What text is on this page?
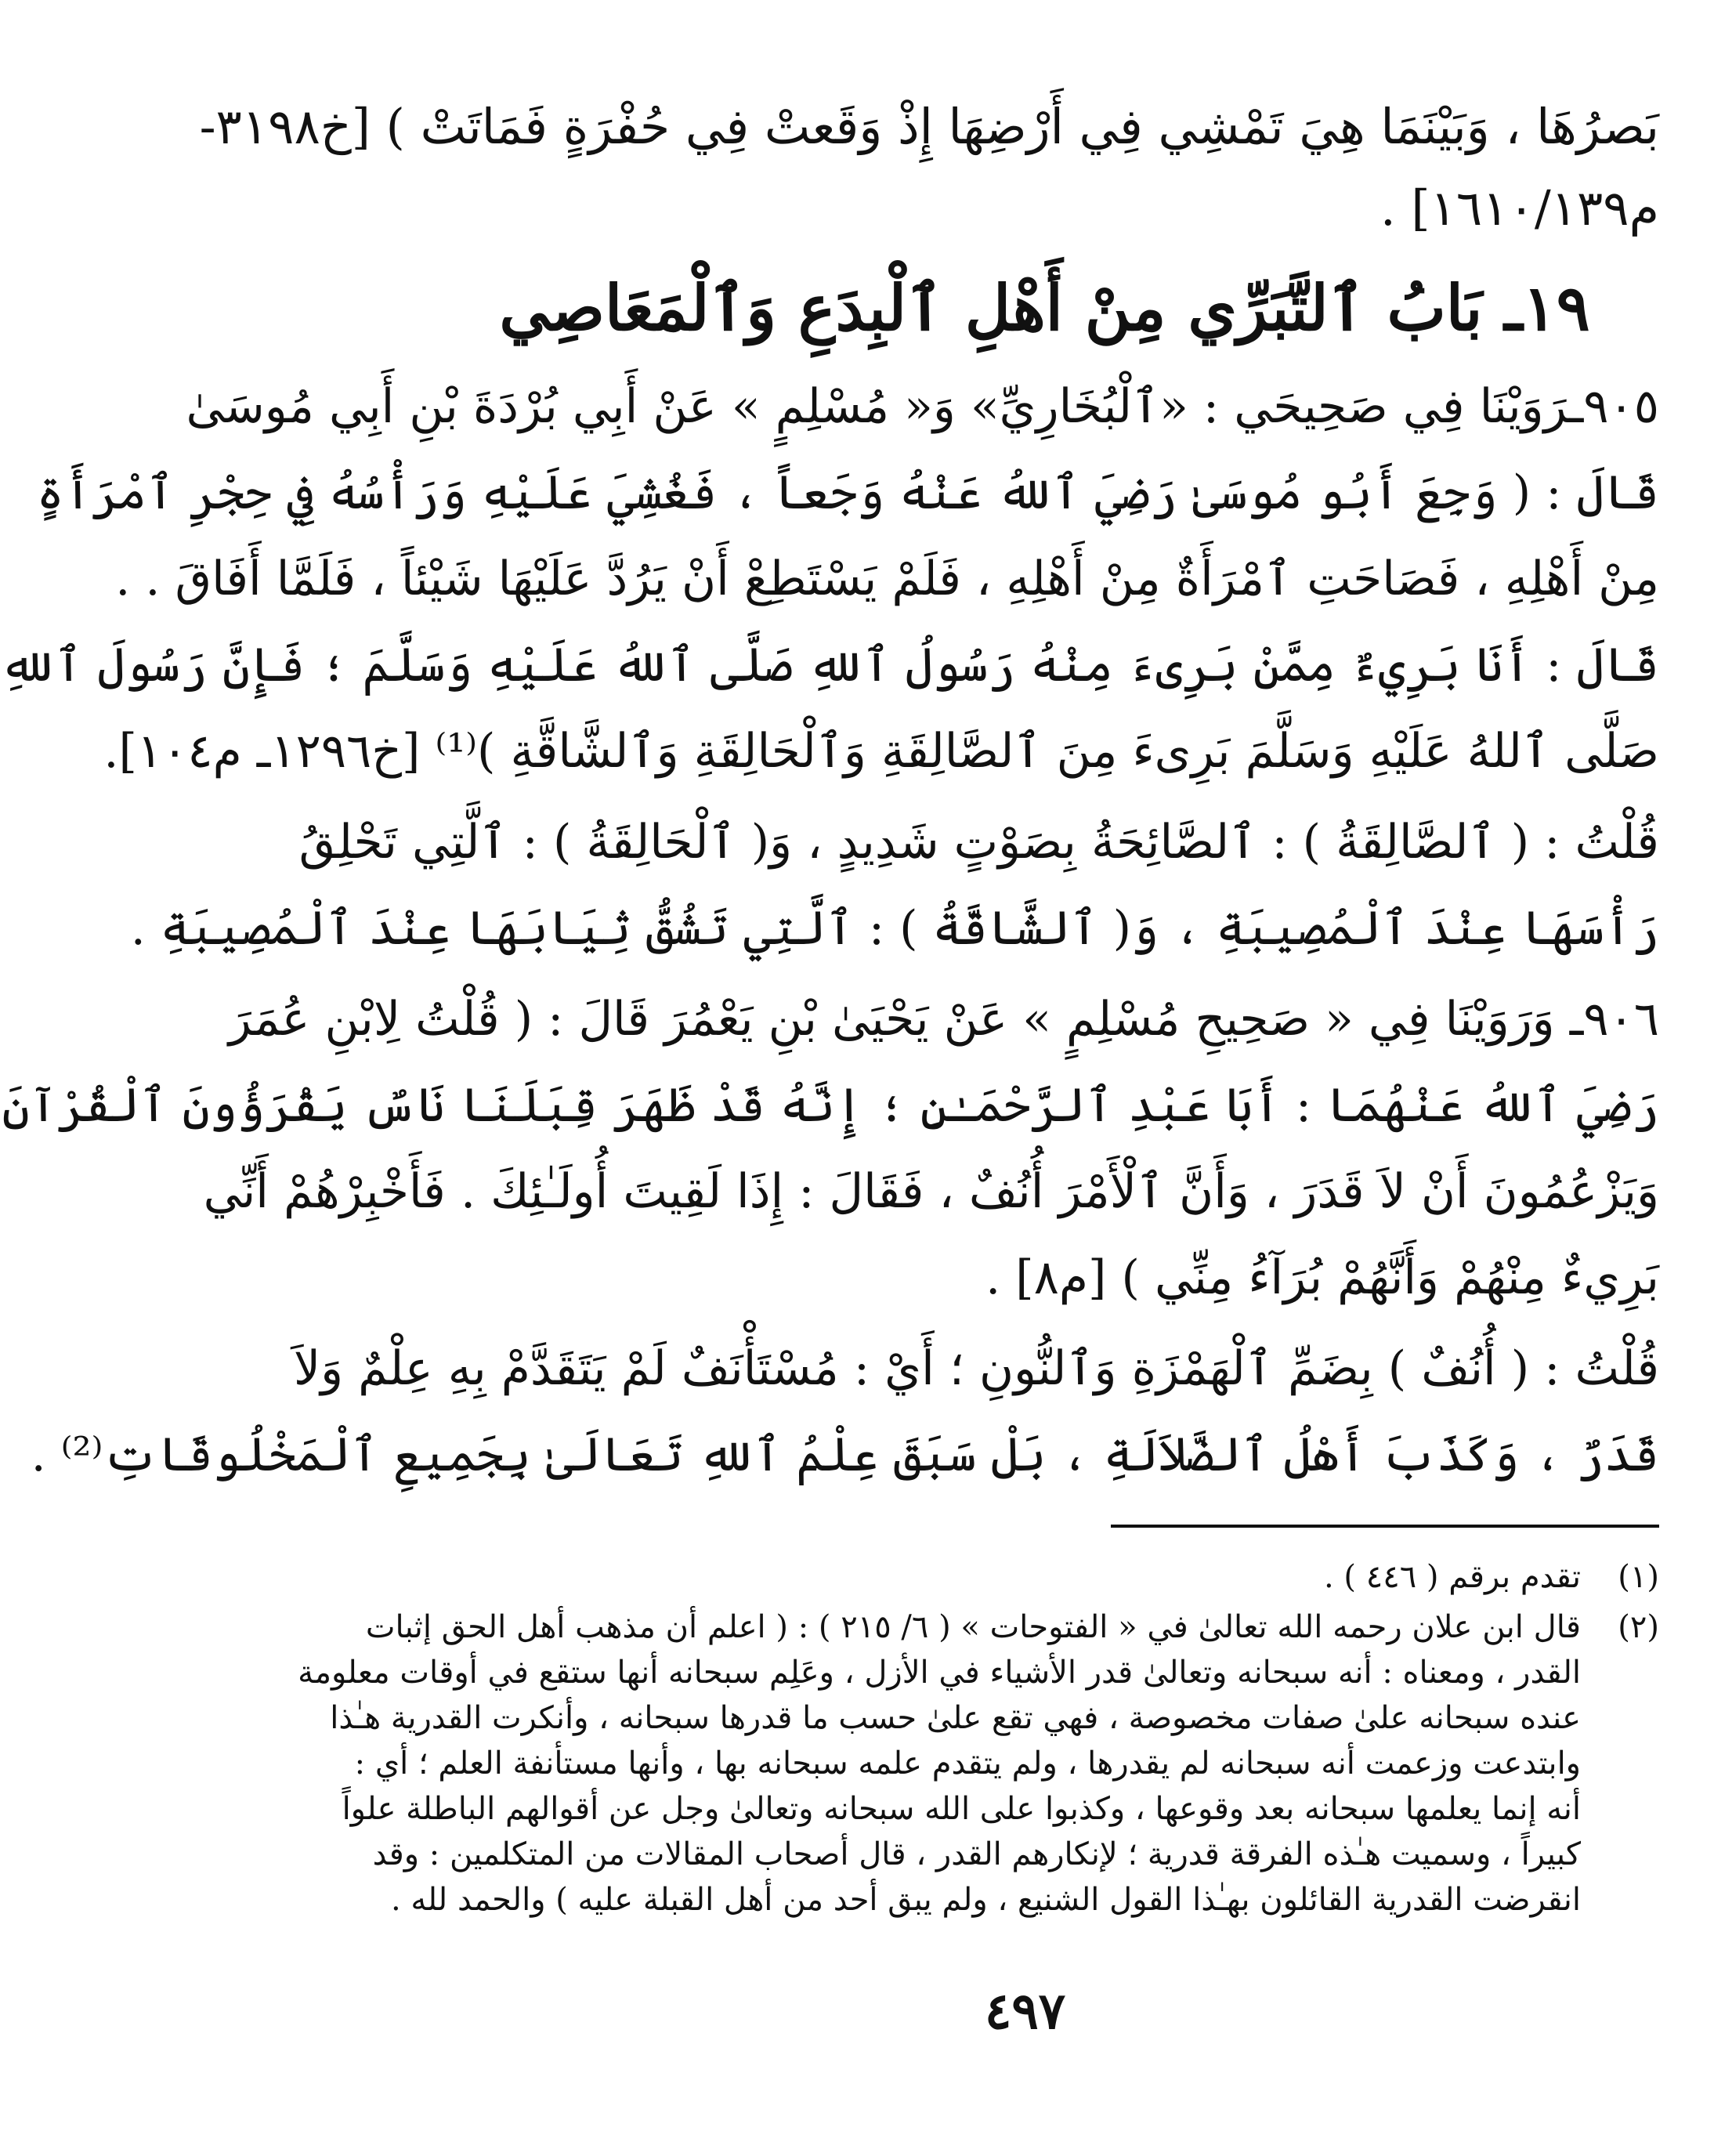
بَصرُهَا ، وَبَيْنَمَا هِيَ تَمْشِي فِي أَرْضِهَا إِذْ وَقَعتْ فِي حُفْرَةٍ فَمَاتَتْ ) [خ٣١٩٨-
م١٦١٠/١٣٩] .
١٩ـ بَابُ ٱلتَّبَرِّي مِنْ أَهْلِ ٱلْبِدَعِ وَٱلْمَعَاصِي
٩٠٥ـرَوَيْنَا فِي صَحِيحَي : «ٱلْبُخَارِيِّ» وَ« مُسْلِمٍ » عَنْ أَبِي بُرْدَةَ بْنِ أَبِي مُوسَىٰ
قَالَ : ( وَجِعَ أَبُو مُوسَىٰ رَضِيَ ٱللهُ عَنْهُ وَجَعاً ، فَغُشِيَ عَلَيْهِ وَرَأْسُهُ فِي حِجْرِ ٱمْرَأَةٍ
مِنْ أَهْلِهِ ، فَصَاحَتِ ٱمْرَأَةٌ مِنْ أَهْلِهِ ، فَلَمْ يَسْتَطِعْ أَنْ يَرُدَّ عَلَيْهَا شَيْئاً ، فَلَمَّا أَفَاقَ . .
قَالَ : أَنَا بَرِيءٌ مِمَّنْ بَرِىءَ مِنْهُ رَسُولُ ٱللهِ صَلَّى ٱللهُ عَلَيْهِ وَسَلَّمَ ؛ فَإِنَّ رَسُولَ ٱللهِ
صَلَّى ٱللهُ عَلَيْهِ وَسَلَّمَ بَرِىءَ مِنَ ٱلصَّالِقَةِ وَٱلْحَالِقَةِ وَٱلشَّاقَّةِ )⁽¹⁾ [خ١٢٩٦ـ م١٠٤].
قُلْتُ : ( ٱلصَّالِقَةُ ) : ٱلصَّائِحَةُ بِصَوْتٍ شَدِيدٍ ، وَ( ٱلْحَالِقَةُ ) : ٱلَّتِي تَحْلِقُ
رَأْسَهَا عِنْدَ ٱلْمُصِيبَةِ ، وَ( ٱلشَّاقَّةُ ) : ٱلَّتِي تَشُقُّ ثِيَابَهَا عِنْدَ ٱلْمُصِيبَةِ .
٩٠٦ـ وَرَوَيْنَا فِي « صَحِيحِ مُسْلِمٍ » عَنْ يَحْيَىٰ بْنِ يَعْمُرَ قَالَ : ( قُلْتُ لِابْنِ عُمَرَ
رَضِيَ ٱللهُ عَنْهُمَا : أَبَا عَبْدِ ٱلرَّحْمَـٰنِ ؛ إِنَّهُ قَدْ ظَهَرَ قِبَلَنَا نَاسٌ يَقْرَؤُونَ ٱلْقُرْآنَ
وَيَزْعُمُونَ أَنْ لاَ قَدَرَ ، وَأَنَّ ٱلْأَمْرَ أُنُفٌ ، فَقَالَ : إِذَا لَقِيتَ أُولَـٰئِكَ . فَأَخْبِرْهُمْ أَنِّي
بَرِيءٌ مِنْهُمْ وَأَنَّهُمْ بُرَآءُ مِنِّي ) [م٨] .
قُلْتُ : ( أُنُفٌ ) بِضَمِّ ٱلْهَمْزَةِ وَٱلنُّونِ ؛ أَيْ : مُسْتَأْنَفٌ لَمْ يَتَقَدَّمْ بِهِ عِلْمٌ وَلاَ
قَدَرٌ ، وَكَذَبَ أَهْلُ ٱلضَّلاَلَةِ ، بَلْ سَبَقَ عِلْمُ ٱللهِ تَعَالَىٰ بِجَمِيعِ ٱلْمَخْلُوقَاتِ⁽²⁾ .
(١)
تقدم برقم ( ٤٤٦ ) .
(٢)
قال ابن علان رحمه الله تعالىٰ في « الفتوحات » ( ٦/ ٢١٥ ) : ( اعلم أن مذهب أهل الحق إثبات
القدر ، ومعناه : أنه سبحانه وتعالىٰ قدر الأشياء في الأزل ، وعَلِم سبحانه أنها ستقع في أوقات معلومة
عنده سبحانه علىٰ صفات مخصوصة ، فهي تقع علىٰ حسب ما قدرها سبحانه ، وأنكرت القدرية هـٰذا
وابتدعت وزعمت أنه سبحانه لم يقدرها ، ولم يتقدم علمه سبحانه بها ، وأنها مستأنفة العلم ؛ أي :
أنه إنما يعلمها سبحانه بعد وقوعها ، وكذبوا على الله سبحانه وتعالىٰ وجل عن أقوالهم الباطلة علواً
كبيراً ، وسميت هـٰذه الفرقة قدرية ؛ لإنكارهم القدر ، قال أصحاب المقالات من المتكلمين : وقد
انقرضت القدرية القائلون بهـٰذا القول الشنيع ، ولم يبق أحد من أهل القبلة عليه ) والحمد لله .
٤٩٧
